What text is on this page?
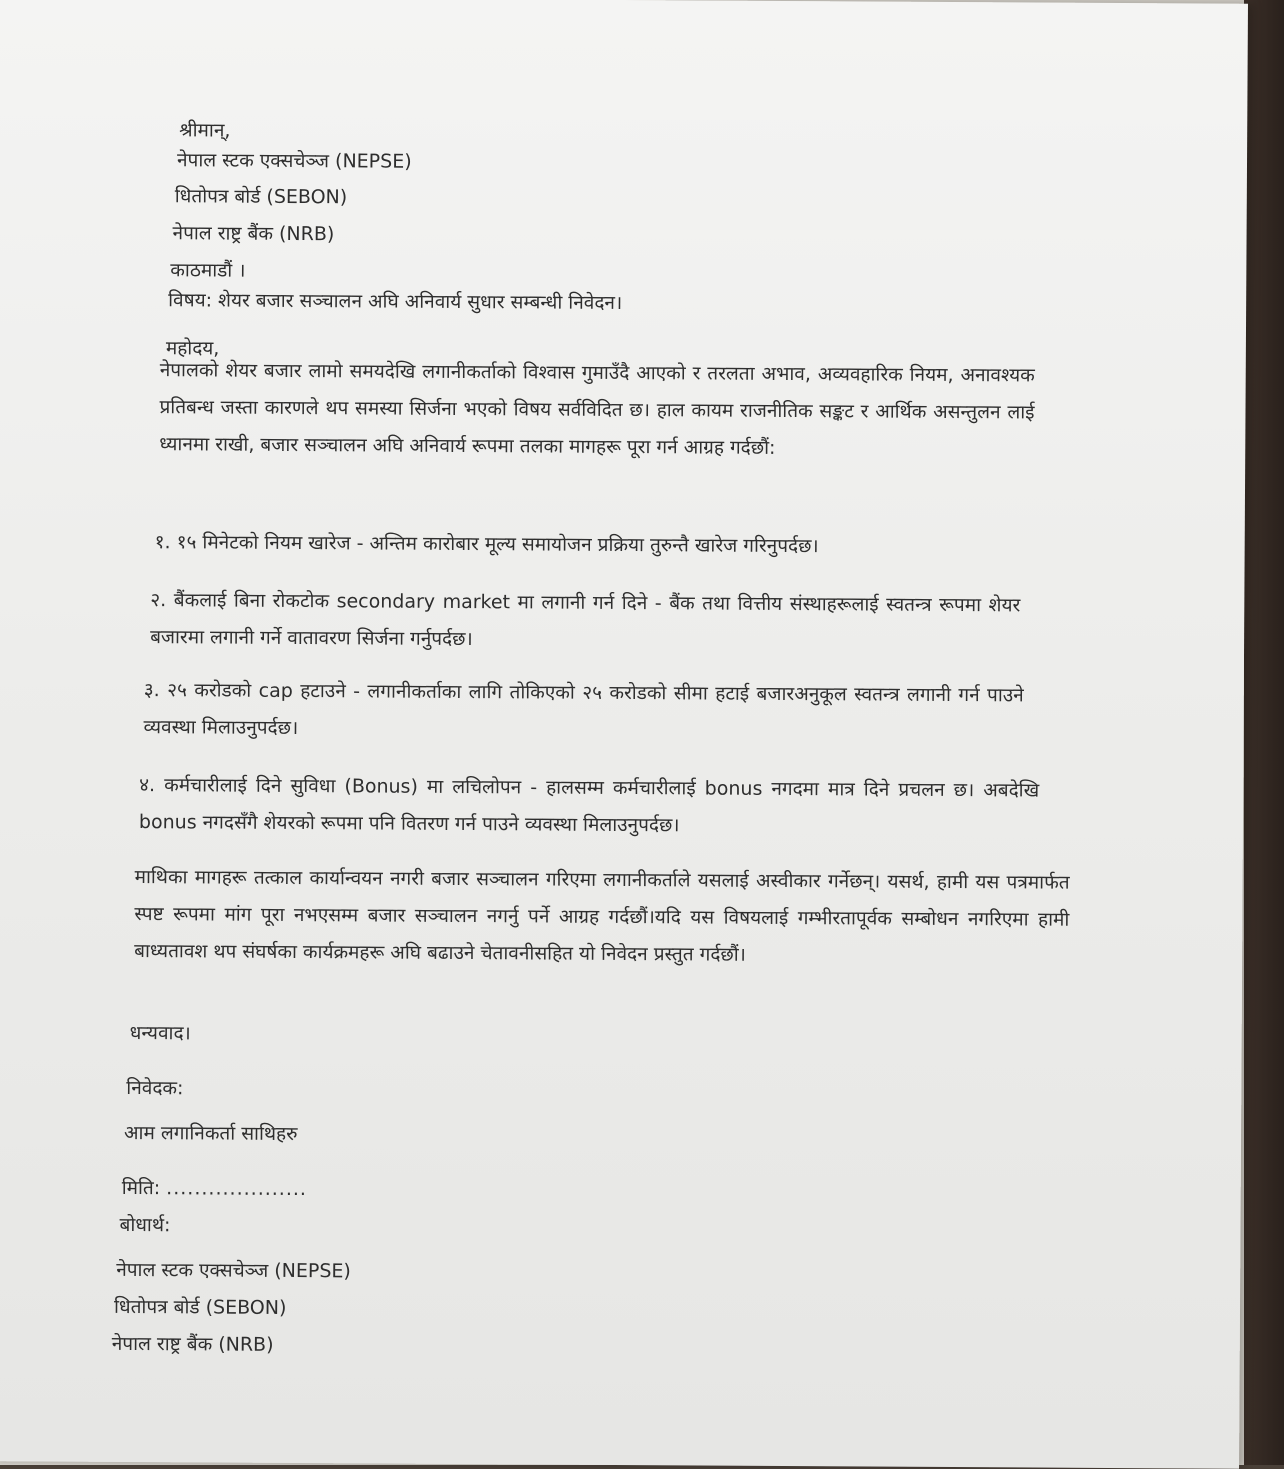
श्रीमान्,
नेपाल स्टक एक्सचेञ्ज (NEPSE)
धितोपत्र बोर्ड (SEBON)
नेपाल राष्ट्र बैंक (NRB)
काठमाडौं ।
विषय: शेयर बजार सञ्चालन अघि अनिवार्य सुधार सम्बन्धी निवेदन।
महोदय,
नेपालको शेयर बजार लामो समयदेखि लगानीकर्ताको विश्वास गुमाउँदै आएको र तरलता अभाव, अव्यवहारिक नियम, अनावश्यक प्रतिबन्ध जस्ता कारणले थप समस्या सिर्जना भएको विषय सर्वविदित छ। हाल कायम राजनीतिक सङ्कट र आर्थिक असन्तुलन लाई ध्यानमा राखी, बजार सञ्चालन अघि अनिवार्य रूपमा तलका मागहरू पूरा गर्न आग्रह गर्दछौं:
१. १५ मिनेटको नियम खारेज - अन्तिम कारोबार मूल्य समायोजन प्रक्रिया तुरुन्तै खारेज गरिनुपर्दछ।
२. बैंकलाई बिना रोकटोक secondary market मा लगानी गर्न दिने - बैंक तथा वित्तीय संस्थाहरूलाई स्वतन्त्र रूपमा शेयर बजारमा लगानी गर्ने वातावरण सिर्जना गर्नुपर्दछ।
३. २५ करोडको cap हटाउने - लगानीकर्ताका लागि तोकिएको २५ करोडको सीमा हटाई बजारअनुकूल स्वतन्त्र लगानी गर्न पाउने व्यवस्था मिलाउनुपर्दछ।
४. कर्मचारीलाई दिने सुविधा (Bonus) मा लचिलोपन - हालसम्म कर्मचारीलाई bonus नगदमा मात्र दिने प्रचलन छ। अबदेखि bonus नगदसँगै शेयरको रूपमा पनि वितरण गर्न पाउने व्यवस्था मिलाउनुपर्दछ।
माथिका मागहरू तत्काल कार्यान्वयन नगरी बजार सञ्चालन गरिएमा लगानीकर्ताले यसलाई अस्वीकार गर्नेछन्। यसर्थ, हामी यस पत्रमार्फत स्पष्ट रूपमा मांग पूरा नभएसम्म बजार सञ्चालन नगर्नु पर्ने आग्रह गर्दछौं।यदि यस विषयलाई गम्भीरतापूर्वक सम्बोधन नगरिएमा हामी बाध्यतावश थप संघर्षका कार्यक्रमहरू अघि बढाउने चेतावनीसहित यो निवेदन प्रस्तुत गर्दछौं।
धन्यवाद।
निवेदक:
आम लगानिकर्ता साथिहरु
मिति: ....................
बोधार्थ:
नेपाल स्टक एक्सचेञ्ज (NEPSE)
धितोपत्र बोर्ड (SEBON)
नेपाल राष्ट्र बैंक (NRB)
